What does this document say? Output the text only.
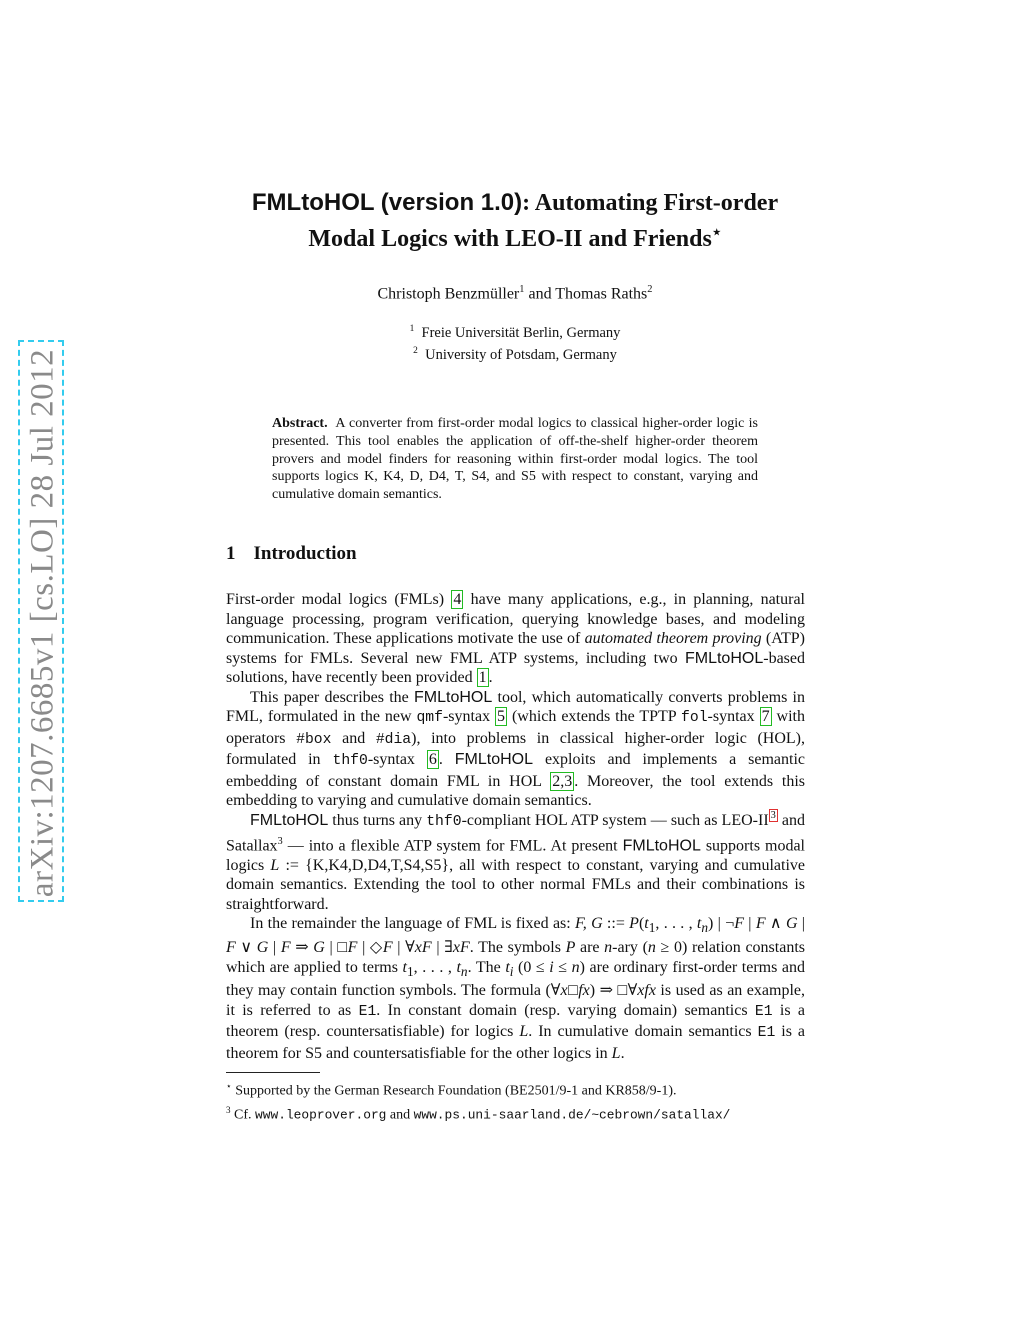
arXiv:1207.6685v1 [cs.LO] 28 Jul 2012
FMLtoHOL (version 1.0): Automating First-order
Modal Logics with LEO-II and Friends⋆
Christoph Benzmüller$^1$ and Thomas Raths$^2$
$^1$ Freie Universität Berlin, Germany
$^2$ University of Potsdam, Germany
Abstract. A converter from first-order modal logics to classical higher-order logic is presented. This tool enables the application of off-the-shelf higher-order theorem provers and model finders for reasoning within first-order modal logics. The tool supports logics K, K4, D, D4, T, S4, and S5 with respect to constant, varying and cumulative domain semantics.
1 Introduction

First-order modal logics (FMLs) 4 have many applications, e.g., in planning, natural language processing, program verification, querying knowledge bases, and modeling communication. These applications motivate the use of automated theorem proving (ATP) systems for FMLs. Several new FML ATP systems, including two FMLtoHOL-based solutions, have recently been provided 1 .

This paper describes the FMLtoHOL tool, which automatically converts problems in FML, formulated in the new qmf-syntax 5 (which extends the TPTP fol-syntax 7 with operators #box and #dia), into problems in classical higher-order logic (HOL), formulated in thf0-syntax 6 . FMLtoHOL exploits and implements a semantic embedding of constant domain FML in HOL 2,3 . Moreover, the tool extends this embedding to varying and cumulative domain semantics.

FMLtoHOL thus turns any thf0-compliant HOL ATP system — such as LEO-II $^3$ and Satallax$^3$ — into a flexible ATP system for FML. At present FMLtoHOL supports modal logics L := {K,K4,D,D4,T,S4,S5}, all with respect to constant, varying and cumulative domain semantics. Extending the tool to other normal FMLs and their combinations is straightforward.

In the remainder the language of FML is fixed as: F, G ::= $P(t_1$, . . . , $t_n$) | ¬F | F ∧ G | F ∨ G | F ⇒ G | □F | ◇F | ∀xF | ∃xF. The symbols P are n-ary (n ≥ 0) relation constants which are applied to terms $t_1$, . . . , $t_n$. The $t_i$ (0 ≤ i ≤ n) are ordinary first-order terms and they may contain function symbols. The formula (∀x□fx) ⇒ □∀xfx is used as an example, it is referred to as E1. In constant domain (resp. varying domain) semantics E1 is a theorem (resp. countersatisfiable) for logics L. In cumulative domain semantics E1 is a theorem for S5 and countersatisfiable for the other logics in L.

⋆ Supported by the German Research Foundation (BE2501/9-1 and KR858/9-1).
$^3$ Cf. www.leoprover.org and www.ps.uni-saarland.de/~cebrown/satallax/
